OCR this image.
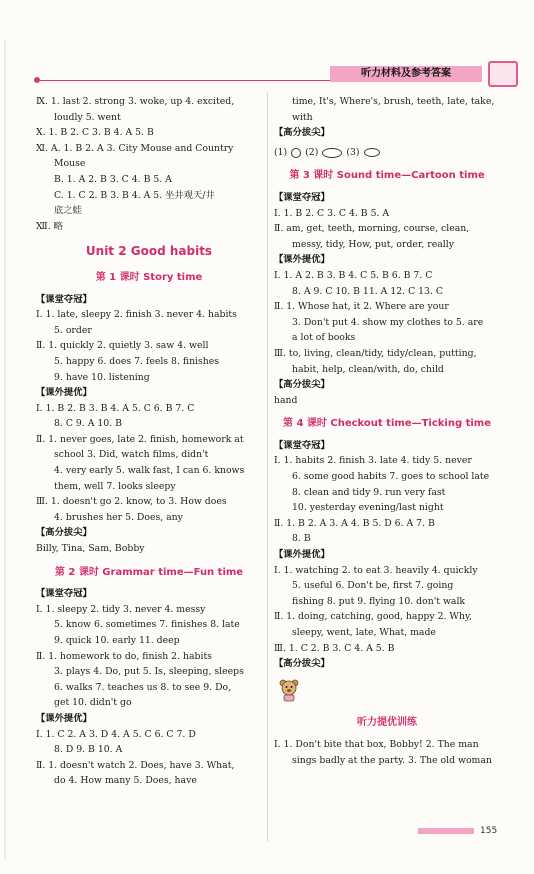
听力材料及参考答案
Ⅸ. 1. last 2. strong 3. woke, up 4. excited,
loudly 5. went
Ⅹ. 1. B 2. C 3. B 4. A 5. B
Ⅺ. A. 1. B 2. A 3. City Mouse and Country
Mouse
B. 1. A 2. B 3. C 4. B 5. A
C. 1. C 2. B 3. B 4. A 5. 坐井观天/井
底之蛙
Ⅻ. 略
Unit 2 Good habits
第 1 课时 Story time
【课堂夺冠】
Ⅰ. 1. late, sleepy 2. finish 3. never 4. habits
5. order
Ⅱ. 1. quickly 2. quietly 3. saw 4. well
5. happy 6. does 7. feels 8. finishes
9. have 10. listening
【课外提优】
Ⅰ. 1. B 2. B 3. B 4. A 5. C 6. B 7. C
8. C 9. A 10. B
Ⅱ. 1. never goes, late 2. finish, homework at
school 3. Did, watch films, didn't
4. very early 5. walk fast, I can 6. knows
them, well 7. looks sleepy
Ⅲ. 1. doesn't go 2. know, to 3. How does
4. brushes her 5. Does, any
【高分拔尖】
Billy, Tina, Sam, Bobby
第 2 课时 Grammar time—Fun time
【课堂夺冠】
Ⅰ. 1. sleepy 2. tidy 3. never 4. messy
5. know 6. sometimes 7. finishes 8. late
9. quick 10. early 11. deep
Ⅱ. 1. homework to do, finish 2. habits
3. plays 4. Do, put 5. Is, sleeping, sleeps
6. walks 7. teaches us 8. to see 9. Do,
get 10. didn't go
【课外提优】
Ⅰ. 1. C 2. A 3. D 4. A 5. C 6. C 7. D
8. D 9. B 10. A
Ⅱ. 1. doesn't watch 2. Does, have 3. What,
do 4. How many 5. Does, have
time, It's, Where's, brush, teeth, late, take,
with
【高分拔尖】
(1) (2)	(3)
第 3 课时 Sound time—Cartoon time
【课堂夺冠】
Ⅰ. 1. B 2. C 3. C 4. B 5. A
Ⅱ. am, get, teeth, morning, course, clean,
messy, tidy, How, put, order, really
【课外提优】
Ⅰ. 1. A 2. B 3. B 4. C 5. B 6. B 7. C
8. A 9. C 10. B 11. A 12. C 13. C
Ⅱ. 1. Whose hat, it 2. Where are your
3. Don't put 4. show my clothes to 5. are
a lot of books
Ⅲ. to, living, clean/tidy, tidy/clean, putting,
habit, help, clean/with, do, child
【高分拔尖】
hand
第 4 课时 Checkout time—Ticking time
【课堂夺冠】
Ⅰ. 1. habits 2. finish 3. late 4. tidy 5. never
6. some good habits 7. goes to school late
8. clean and tidy 9. run very fast
10. yesterday evening/last night
Ⅱ. 1. B 2. A 3. A 4. B 5. D 6. A 7. B
8. B
【课外提优】
Ⅰ. 1. watching 2. to eat 3. heavily 4. quickly
5. useful 6. Don't be, first 7. going
fishing 8. put 9. flying 10. don't walk
Ⅱ. 1. doing, catching, good, happy 2. Why,
sleepy, went, late, What, made
Ⅲ. 1. C 2. B 3. C 4. A 5. B
【高分拔尖】
听力提优训练
Ⅰ. 1. Don't bite that box, Bobby! 2. The man
sings badly at the party. 3. The old woman
155
